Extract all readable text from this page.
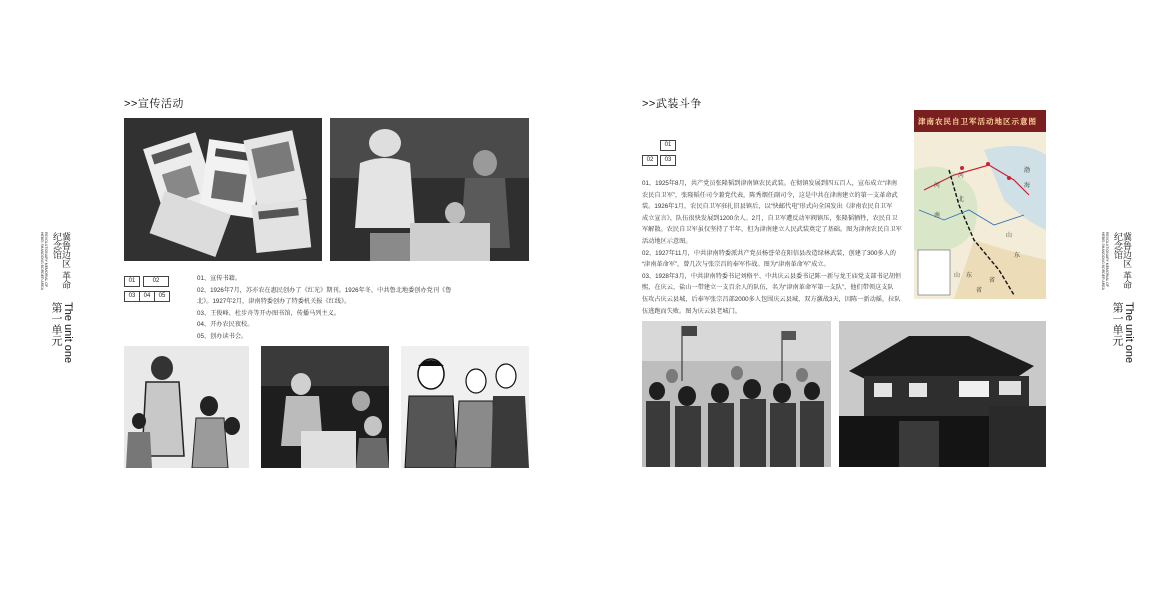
冀鲁边区 革命纪念馆
REVOLUTIONARY MEMORIAL OF HEBEI SHANDONG BORDER AREA
The unit one
第一单元
冀鲁边区 革命纪念馆
REVOLUTIONARY MEMORIAL OF HEBEI SHANDONG BORDER AREA
The unit one
第一单元
>>宣传活动
01	02
03	04	05

01、宣传书籍。

02、1926年7月，苏亦农在惠民创办了《红光》期刊。1926年冬，中共鲁北地委创办党刊《鲁

北》。1927年2月，津南特委创办了特委机关报《红线》。

03、王俊峰、杜步舟等开办图书馆，传播马列主义。

04、开办农民夜校。

05、创办读书会。

>>武装斗争
01
02	03

01、1925年8月，共产党员张隆韬到津南镇农民武装。在彻镇发展到四五百人，宣布成立“津南

农民自卫军”，张隆韬任司令兼党代表，陈秀烟任副司令，这是中共在津南建立的第一支革命武

装。1926年1月，农民自卫军驻扎旧县镇后，以“快邮代电”形式向全国发出《津南农民自卫军

成立宣言》，队伍很快发展到1200余人。2月，自卫军遭反动军阀镇压，张隆韬牺牲，农民自卫

军解散。农民自卫军虽仅坚持了半年，但为津南建立人民武装奠定了基础。图为津南农民自卫军

活动地区示意图。

02、1927年11月，中共津南特委派共产党员杨誉荣在阳信县改造绿林武装，创建了300多人的

“津南革命军”，曾几次与张宗昌的奉军作战。图为“津南革命军”成立。

03、1928年3月，中共津南特委书记刘格平、中共庆云县委书记陈一新与龙王庙党支部书记胡恒

熙，在庆云、盐山一带建立一支百余人的队伍，名为“津南革命军第一支队”，他们带领这支队

伍攻占庆云县城，后奉军张宗昌部2000多人包围庆云县城，双方激战3天，因陈一新动摇，拉队

伍逃跑而失败。图为庆云县老城门。

津南农民自卫军活动地区示意图
河
北
山
东
渤
海
河
南
省
山 东
省
